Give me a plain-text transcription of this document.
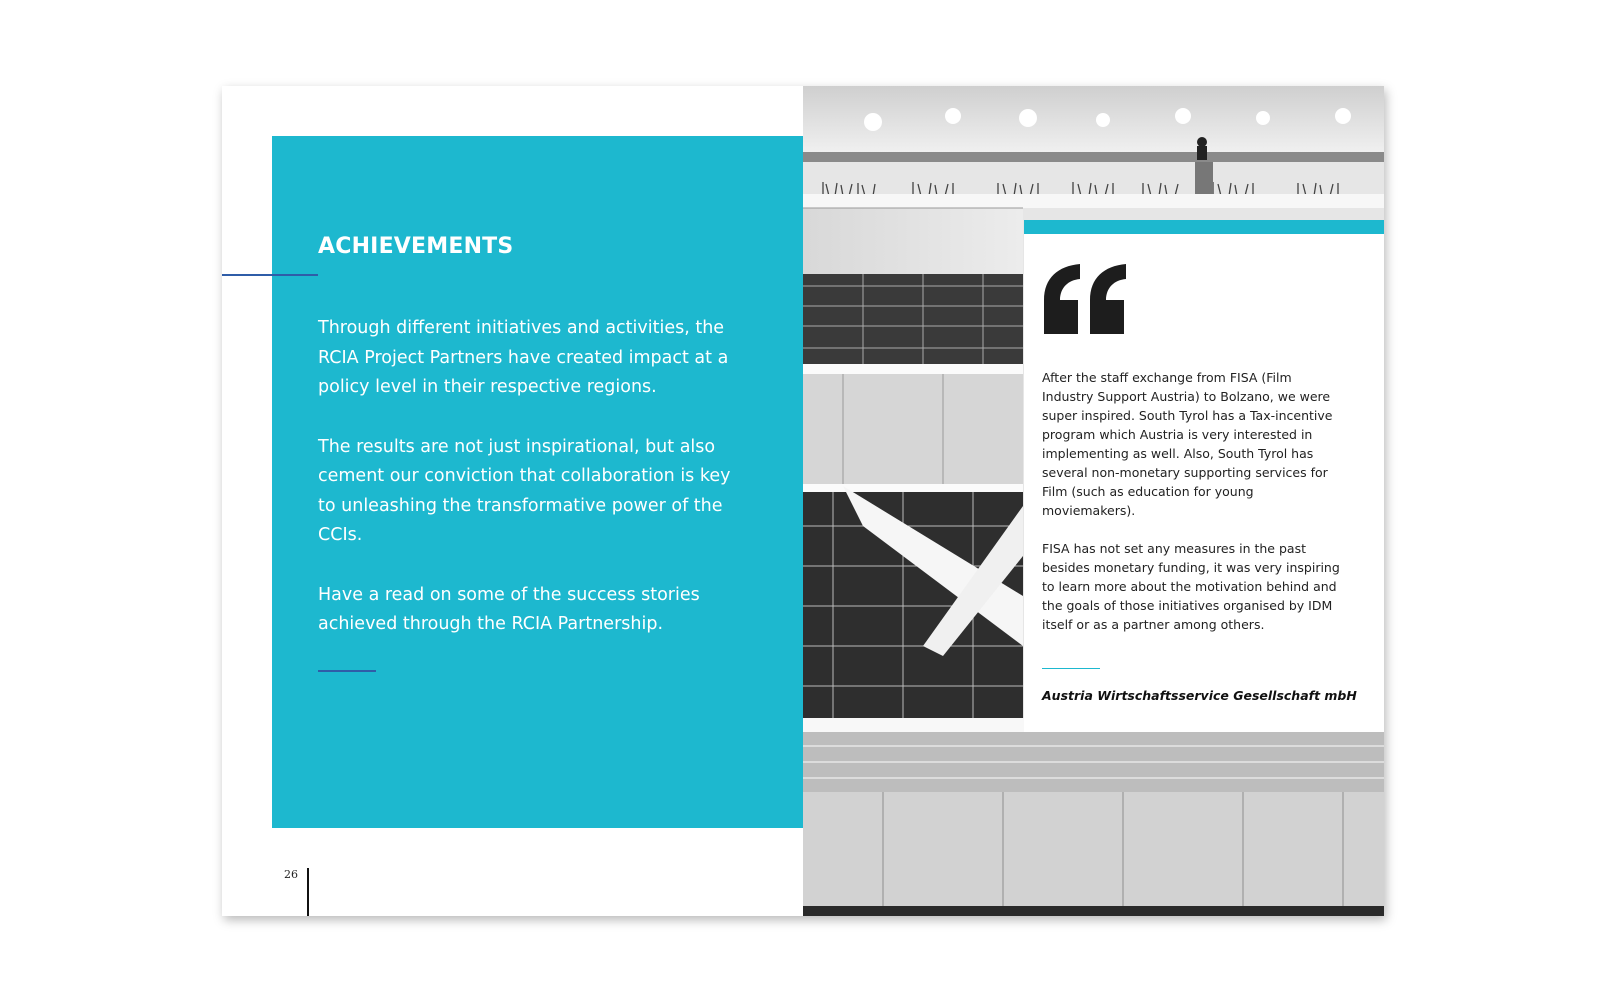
ACHIEVEMENTS

Through different initiatives and activities, the RCIA Project Partners have created impact at a policy level in their respective regions.

The results are not just inspirational, but also cement our conviction that collaboration is key to unleashing the transformative power of the CCIs.

Have a read on some of the success stories achieved through the RCIA Partnership.

26

After the staff exchange from FISA (Film Industry Support Austria) to Bolzano, we were super inspired. South Tyrol has a Tax-incentive program which Austria is very interested in implementing as well. Also, South Tyrol has several non-monetary supporting services for Film (such as education for young moviemakers).

FISA has not set any measures in the past besides monetary funding, it was very inspiring to learn more about the motivation behind and the goals of those initiatives organised by IDM itself or as a partner among others.

Austria Wirtschaftsservice Gesellschaft mbH
